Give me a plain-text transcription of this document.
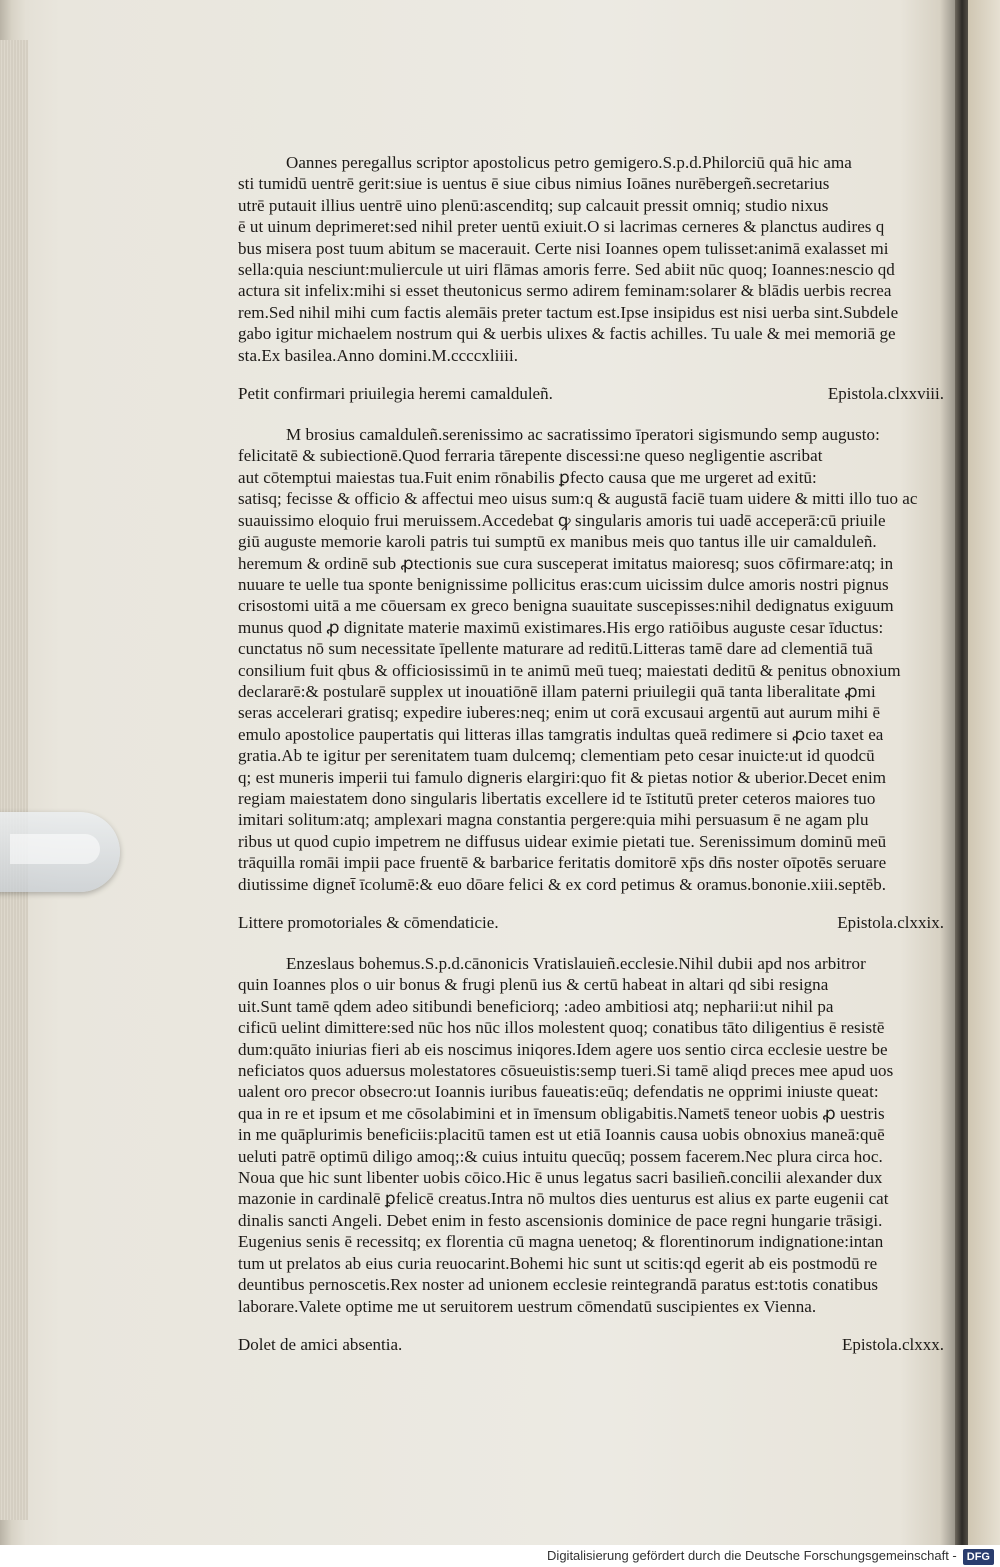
Oannes peregallus scriptor apostolicus petro gemigero.S.p.d.Philorciū quā hic ama
sti tumidū uentrē gerit:siue is uentus ē siue cibus nimius Ioānes nurēbergeñ.secretarius
utrē putauit illius uentrē uino plenū:ascenditq; sup calcauit pressit omniq; studio nixus
ē ut uinum deprimeret:sed nihil preter uentū exiuit.O si lacrimas cerneres & planctus audires q
bus misera post tuum abitum se macerauit. Certe nisi Ioannes opem tulisset:animā exalasset mi
sella:quia nesciunt:muliercule ut uiri flāmas amoris ferre. Sed abiit nūc quoq; Ioannes:nescio qd
actura sit infelix:mihi si esset theutonicus sermo adirem feminam:solarer & blādis uerbis recrea
rem.Sed nihil mihi cum factis alemāis preter tactum est.Ipse insipidus est nisi uerba sint.Subdele
gabo igitur michaelem nostrum qui & uerbis ulixes & factis achilles. Tu uale & mei memoriā ge
sta.Ex basilea.Anno domini.M.ccccxliiii.
Petit confirmari priuilegia heremi camalduleñ.	Epistola.clxxviii.
M brosius camalduleñ.serenissimo ac sacratissimo īperatori sigismundo semp augusto:
felicitatē & subiectionē.Quod ferraria tārepente discessi:ne queso negligentie ascribat
aut cōtemptui maiestas tua.Fuit enim rōnabilis ꝑfecto causa que me urgeret ad exitū:
satisq; fecisse & officio & affectui meo uisus sum:q & augustā faciē tuam uidere & mitti illo tuo ac
suauissimo eloquio frui meruissem.Accedebat ꝙ singularis amoris tui uadē acceperā:cū priuile
giū auguste memorie karoli patris tui sumptū ex manibus meis quo tantus ille uir camalduleñ.
heremum & ordinē sub ꝓtectionis sue cura susceperat imitatus maioresq; suos cōfirmare:atq; in
nuuare te uelle tua sponte benignissime pollicitus eras:cum uicissim dulce amoris nostri pignus
crisostomi uitā a me cōuersam ex greco benigna suauitate suscepisses:nihil dedignatus exiguum
munus quod ꝓ dignitate materie maximū existimares.His ergo ratiōibus auguste cesar īductus:
cunctatus nō sum necessitate īpellente maturare ad reditū.Litteras tamē dare ad clementiā tuā
consilium fuit qbus & officiosissimū in te animū meū tueq; maiestati deditū & penitus obnoxium
declararē:& postularē supplex ut inouatiōnē illam paterni priuilegii quā tanta liberalitate ꝓmi
seras accelerari gratisq; expedire iuberes:neq; enim ut corā excusaui argentū aut aurum mihi ē
emulo apostolice paupertatis qui litteras illas tamgratis indultas queā redimere si ꝓcio taxet ea
gratia.Ab te igitur per serenitatem tuam dulcemq; clementiam peto cesar inuicte:ut id quodcū
q; est muneris imperii tui famulo digneris elargiri:quo fit & pietas notior & uberior.Decet enim
regiam maiestatem dono singularis libertatis excellere id te īstitutū preter ceteros maiores tuo
imitari solitum:atq; amplexari magna constantia pergere:quia mihi persuasum ē ne agam plu
ribus ut quod cupio impetrem ne diffusus uidear eximie pietati tue. Serenissimum dominū meū
trāquilla romāi impii pace fruentē & barbarice feritatis domitorē xp̄s dn̄s noster oīpotēs seruare
diutissime dignet̄ īcolumē:& euo dōare felici & ex cord petimus & oramus.bononie.xiii.septēb.
Littere promotoriales & cōmendaticie.	Epistola.clxxix.
Enzeslaus bohemus.S.p.d.cānonicis Vratislauieñ.ecclesie.Nihil dubii apd nos arbitror
quin Ioannes plos o uir bonus & frugi plenū ius & certū habeat in altari qd sibi resigna
uit.Sunt tamē qdem adeo sitibundi beneficiorq; :adeo ambitiosi atq; nepharii:ut nihil pa
cificū uelint dimittere:sed nūc hos nūc illos molestent quoq; conatibus tāto diligentius ē resistē
dum:quāto iniurias fieri ab eis noscimus iniqores.Idem agere uos sentio circa ecclesie uestre be
neficiatos quos aduersus molestatores cōsueuistis:semp tueri.Si tamē aliqd preces mee apud uos
ualent oro precor obsecro:ut Ioannis iuribus faueatis:eūq; defendatis ne opprimi iniuste queat:
qua in re et ipsum et me cōsolabimini et in īmensum obligabitis.Namets̄ teneor uobis ꝓ uestris
in me quāplurimis beneficiis:placitū tamen est ut etiā Ioannis causa uobis obnoxius maneā:quē
ueluti patrē optimū diligo amoq;:& cuius intuitu quecūq; possem facerem.Nec plura circa hoc.
Noua que hic sunt libenter uobis cōico.Hic ē unus legatus sacri basilieñ.concilii alexander dux
mazonie in cardinalē ꝑfelicē creatus.Intra nō multos dies uenturus est alius ex parte eugenii cat
dinalis sancti Angeli. Debet enim in festo ascensionis dominice de pace regni hungarie trāsigi.
Eugenius senis ē recessitq; ex florentia cū magna uenetoq; & florentinorum indignatione:intan
tum ut prelatos ab eius curia reuocarint.Bohemi hic sunt ut scitis:qd egerit ab eis postmodū re
deuntibus pernoscetis.Rex noster ad unionem ecclesie reintegrandā paratus est:totis conatibus
laborare.Valete optime me ut seruitorem uestrum cōmendatū suscipientes ex Vienna.
Dolet de amici absentia.	Epistola.clxxx.
Digitalisierung gefördert durch die Deutsche Forschungsgemeinschaft - DFG
